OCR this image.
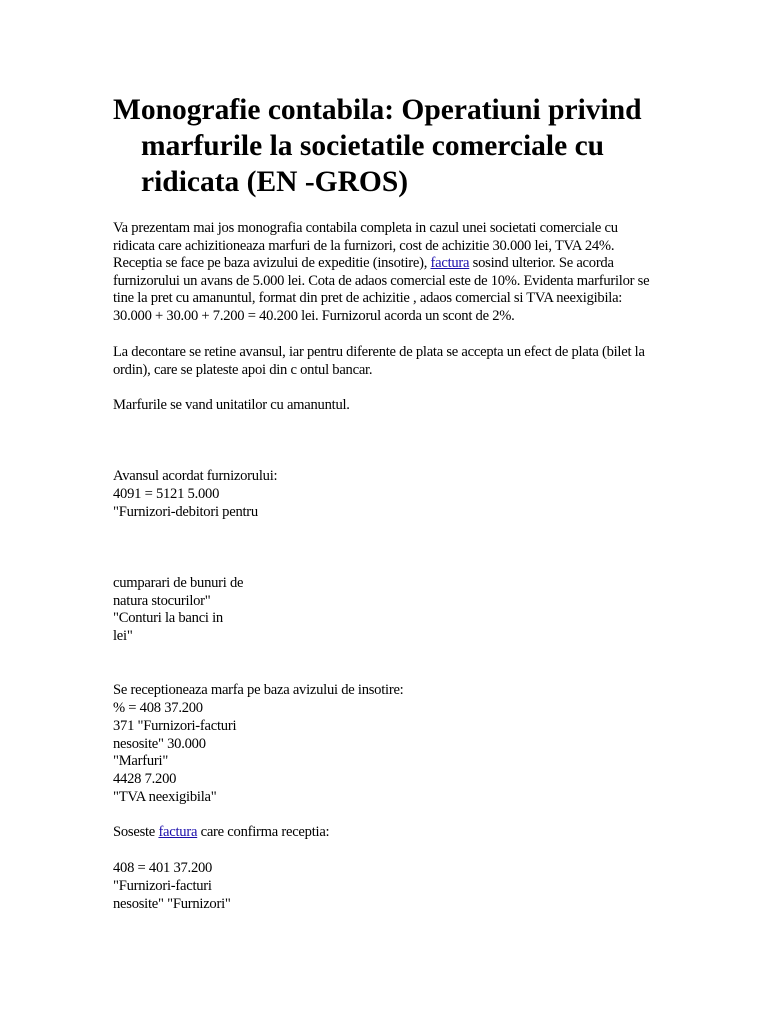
Monografie contabila: Operatiuni privind marfurile la societatile comerciale cu ridicata (EN -GROS)

Va prezentam mai jos monografia contabila completa in cazul unei societati comerciale cu ridicata care achizitioneaza marfuri de la furnizori, cost de achizitie 30.000 lei, TVA 24%. Receptia se face pe baza avizului de expeditie (insotire), factura sosind ulterior. Se acorda furnizorului un avans de 5.000 lei. Cota de adaos comercial este de 10%. Evidenta marfurilor se tine la pret cu amanuntul, format din pret de achizitie , adaos comercial si TVA neexigibila: 30.000 + 30.00 + 7.200 = 40.200 lei. Furnizorul acorda un scont de 2%.

La decontare se retine avansul, iar pentru diferente de plata se accepta un efect de plata (bilet la ordin), care se plateste apoi din c ontul bancar.

Marfurile se vand unitatilor cu amanuntul.

Avansul acordat furnizorului:

4091 = 5121 5.000

"Furnizori-debitori pentru

cumparari de bunuri de

natura stocurilor"

"Conturi la banci in

lei"

Se receptioneaza marfa pe baza avizului de insotire:

% = 408 37.200

371 "Furnizori-facturi

nesosite" 30.000

"Marfuri"

4428 7.200

"TVA neexigibila"

Soseste factura care confirma receptia:

408 = 401 37.200

"Furnizori-facturi

nesosite" "Furnizori"
